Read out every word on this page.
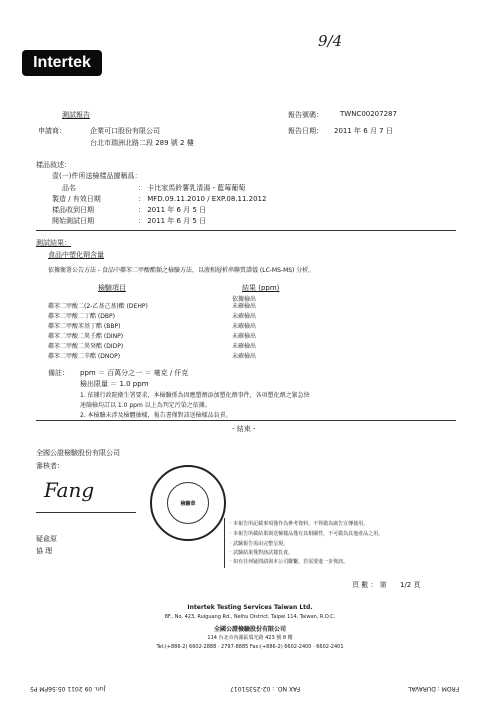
Intertek
9/4
測試報告	報告號碼： TWNC00207287
報告日期： 2011 年 6 月 7 日
申請商：	企業可口股份有限公司
台北市瑞洲北路二段 289 號 2 樓
樣品敘述：
壹(一)件所送檢樣品據稱爲：
品名	： 卡比家馬鈴薯乳清湯 - 藍莓葡萄
製造 / 有效日期	： MFD.09.11.2010 / EXP.08.11.2012
樣品收到日期	： 2011 年 6 月 5 日
開始測試日期	： 2011 年 6 月 5 日
測試結果：
食品中塑化劑含量
依據衛署公告方法 - 食品中鄰苯二甲酸酯類之檢驗方法，以液相層析串聯質譜儀 (LC-MS-MS) 分析。
檢驗項目	結果 (ppm)
依據檢出
鄰苯二甲酸二(2-乙基己基)酯 (DEHP)	未確檢出
鄰苯二甲酸二丁酯 (DBP)	未確檢出
鄰苯二甲酸苯基丁酯 (BBP)	未確檢出
鄰苯二甲酸二異壬酯 (DINP)	未確檢出
鄰苯二甲酸二異癸酯 (DIDP)	未確檢出
鄰苯二甲酸二辛酯 (DNOP)	未確檢出
備註： ppm ＝ 百萬分之一 ＝ 毫克 / 仟克
檢出限量 ＝ 1.0 ppm
1. 依據行政院衛生署要求，本檢驗係為因應塑劑添加塑化劑事件，各項塑化劑之緊急快
速篩檢均訂以 1.0 ppm 以上為判定污染之依據。
2. 本檢驗未涉及檢體抽樣，報告書僅對該送檢樣品負責。
- 結束 -
全國公證檢驗股份有限公司
審核者：
Fang
檢驗章
疑兪原
協 理
‧ 本報告所記載事項僅作為參考資料，不得做為廣告宣傳使用。
‧ 本報告所載結果與送檢樣品僅有其相關性，不可做為其他產品之用。
‧ 試驗報告需由完整呈現。
‧ 試驗結果僅對該試樣負責。
‧ 如有任何疑問請與本公司聯繫，若需要進一步資訊。
頁 數 ： 第 1/2 頁
Intertek Testing Services Taiwan Ltd.
8F., No. 423, Ruiguang Rd., Neihu District, Taipei 114, Taiwan, R.O.C.
全國公證檢驗股份有限公司
114 台北市內湖區瑞光路 423 號 8 樓
Tel:(+886-2) 6602-2888 · 2797-8885 Fax:(+886-2) 6602-2400 · 6602-2401
FROM : DURAVAL
FAX NO. : 02-25351017
Jun. 09 2011 05:56PM P5
